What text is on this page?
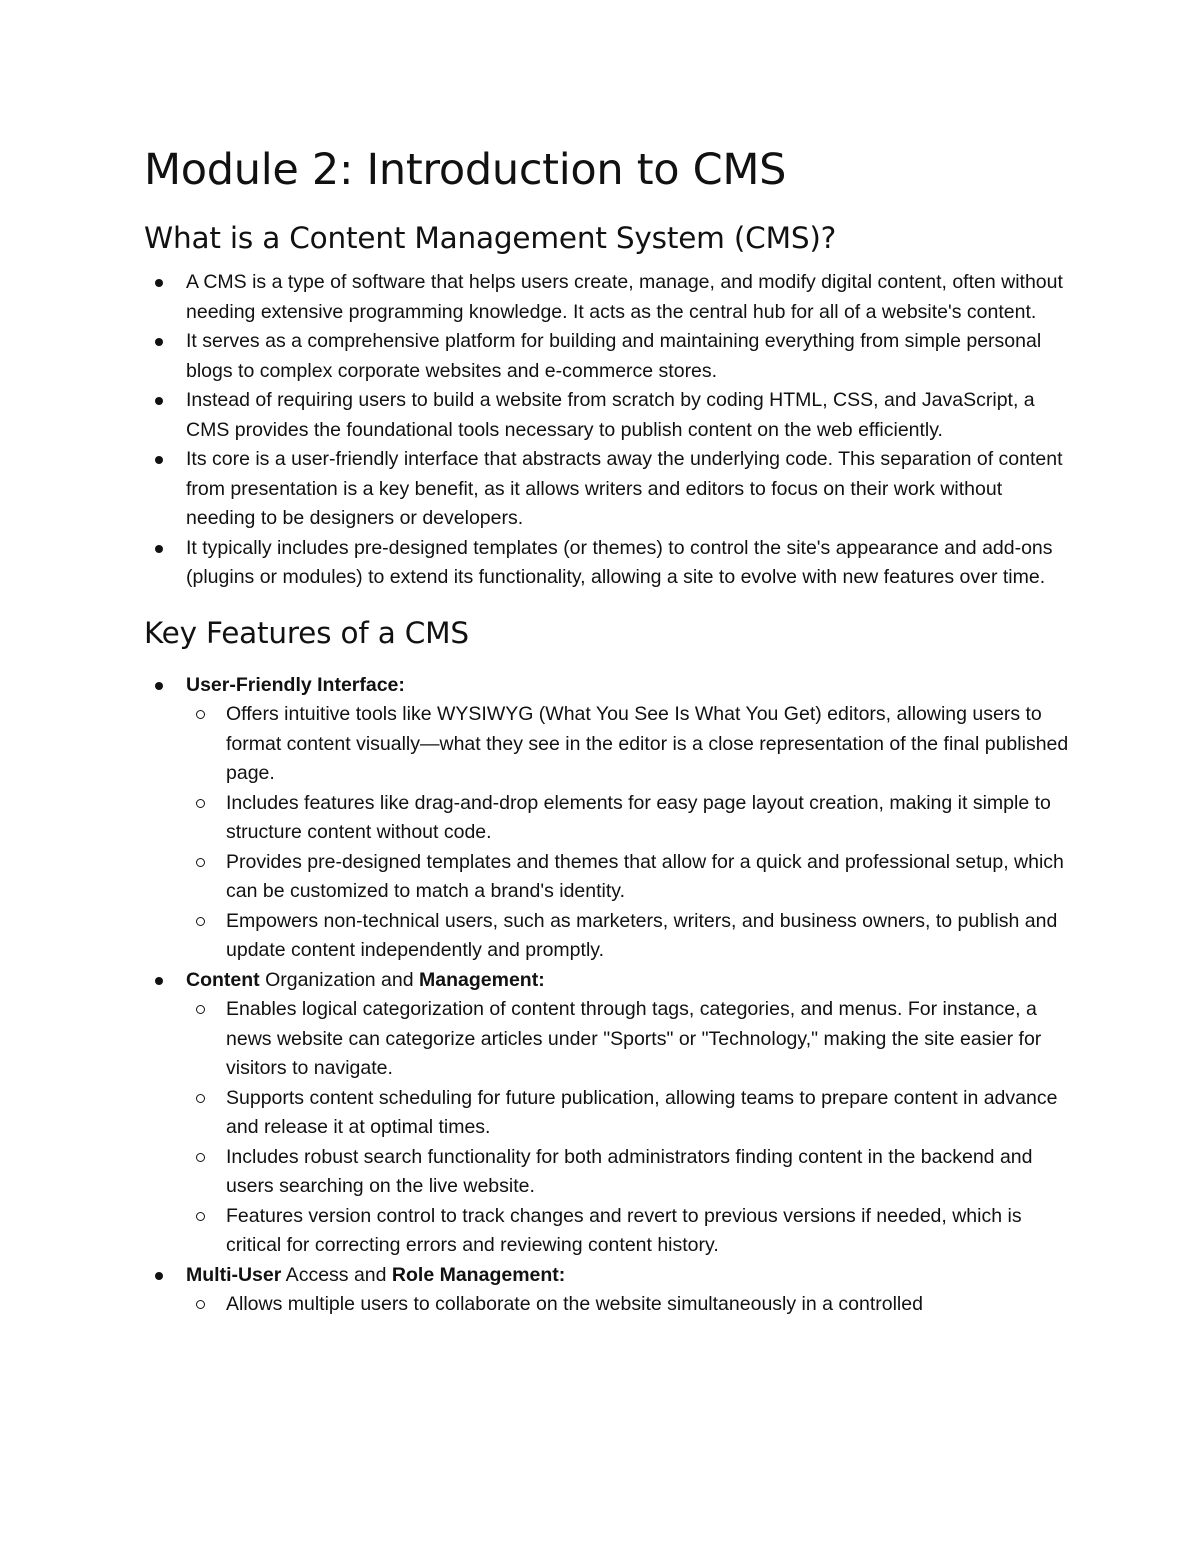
Module 2: Introduction to CMS
What is a Content Management System (CMS)?
A CMS is a type of software that helps users create, manage, and modify digital content, often without needing extensive programming knowledge. It acts as the central hub for all of a website's content.
It serves as a comprehensive platform for building and maintaining everything from simple personal blogs to complex corporate websites and e-commerce stores.
Instead of requiring users to build a website from scratch by coding HTML, CSS, and JavaScript, a CMS provides the foundational tools necessary to publish content on the web efficiently.
Its core is a user-friendly interface that abstracts away the underlying code. This separation of content from presentation is a key benefit, as it allows writers and editors to focus on their work without needing to be designers or developers.
It typically includes pre-designed templates (or themes) to control the site's appearance and add-ons (plugins or modules) to extend its functionality, allowing a site to evolve with new features over time.
Key Features of a CMS
User-Friendly Interface:
Offers intuitive tools like WYSIWYG (What You See Is What You Get) editors, allowing users to format content visually—what they see in the editor is a close representation of the final published page.
Includes features like drag-and-drop elements for easy page layout creation, making it simple to structure content without code.
Provides pre-designed templates and themes that allow for a quick and professional setup, which can be customized to match a brand's identity.
Empowers non-technical users, such as marketers, writers, and business owners, to publish and update content independently and promptly.
Content Organization and Management:
Enables logical categorization of content through tags, categories, and menus. For instance, a news website can categorize articles under "Sports" or "Technology," making the site easier for visitors to navigate.
Supports content scheduling for future publication, allowing teams to prepare content in advance and release it at optimal times.
Includes robust search functionality for both administrators finding content in the backend and users searching on the live website.
Features version control to track changes and revert to previous versions if needed, which is critical for correcting errors and reviewing content history.
Multi-User Access and Role Management:
Allows multiple users to collaborate on the website simultaneously in a controlled
